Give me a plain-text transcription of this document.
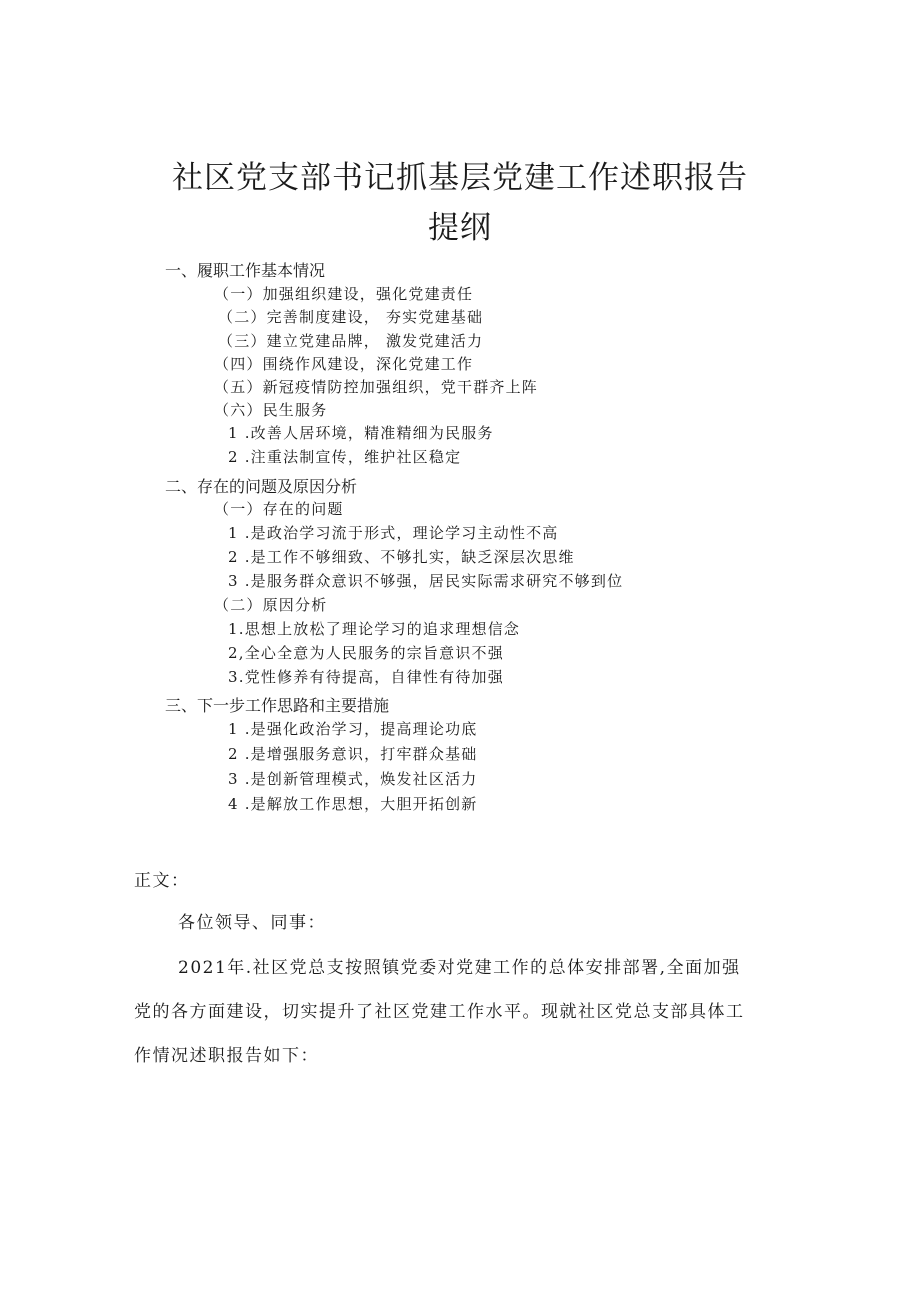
社区党支部书记抓基层党建工作述职报告
提纲
一、履职工作基本情况
（一）加强组织建设，强化党建责任
（二）完善制度建设， 夯实党建基础
（三）建立党建品牌， 激发党建活力
（四）围绕作风建设，深化党建工作
（五）新冠疫情防控加强组织，党干群齐上阵
（六）民生服务
1 .改善人居环境，精准精细为民服务
2 .注重法制宣传，维护社区稳定
二、存在的问题及原因分析
（一）存在的问题
1 .是政治学习流于形式，理论学习主动性不高
2 .是工作不够细致、不够扎实，缺乏深层次思维
3 .是服务群众意识不够强，居民实际需求研究不够到位
（二）原因分析
1.思想上放松了理论学习的追求理想信念
2,全心全意为人民服务的宗旨意识不强
3.党性修养有待提高，自律性有待加强
三、下一步工作思路和主要措施
1 .是强化政治学习，提高理论功底
2 .是增强服务意识，打牢群众基础
3 .是创新管理模式，焕发社区活力
4 .是解放工作思想，大胆开拓创新
正文：
各位领导、同事：
2021年.社区党总支按照镇党委对党建工作的总体安排部署,全面加强
党的各方面建设，切实提升了社区党建工作水平。现就社区党总支部具体工
作情况述职报告如下：
